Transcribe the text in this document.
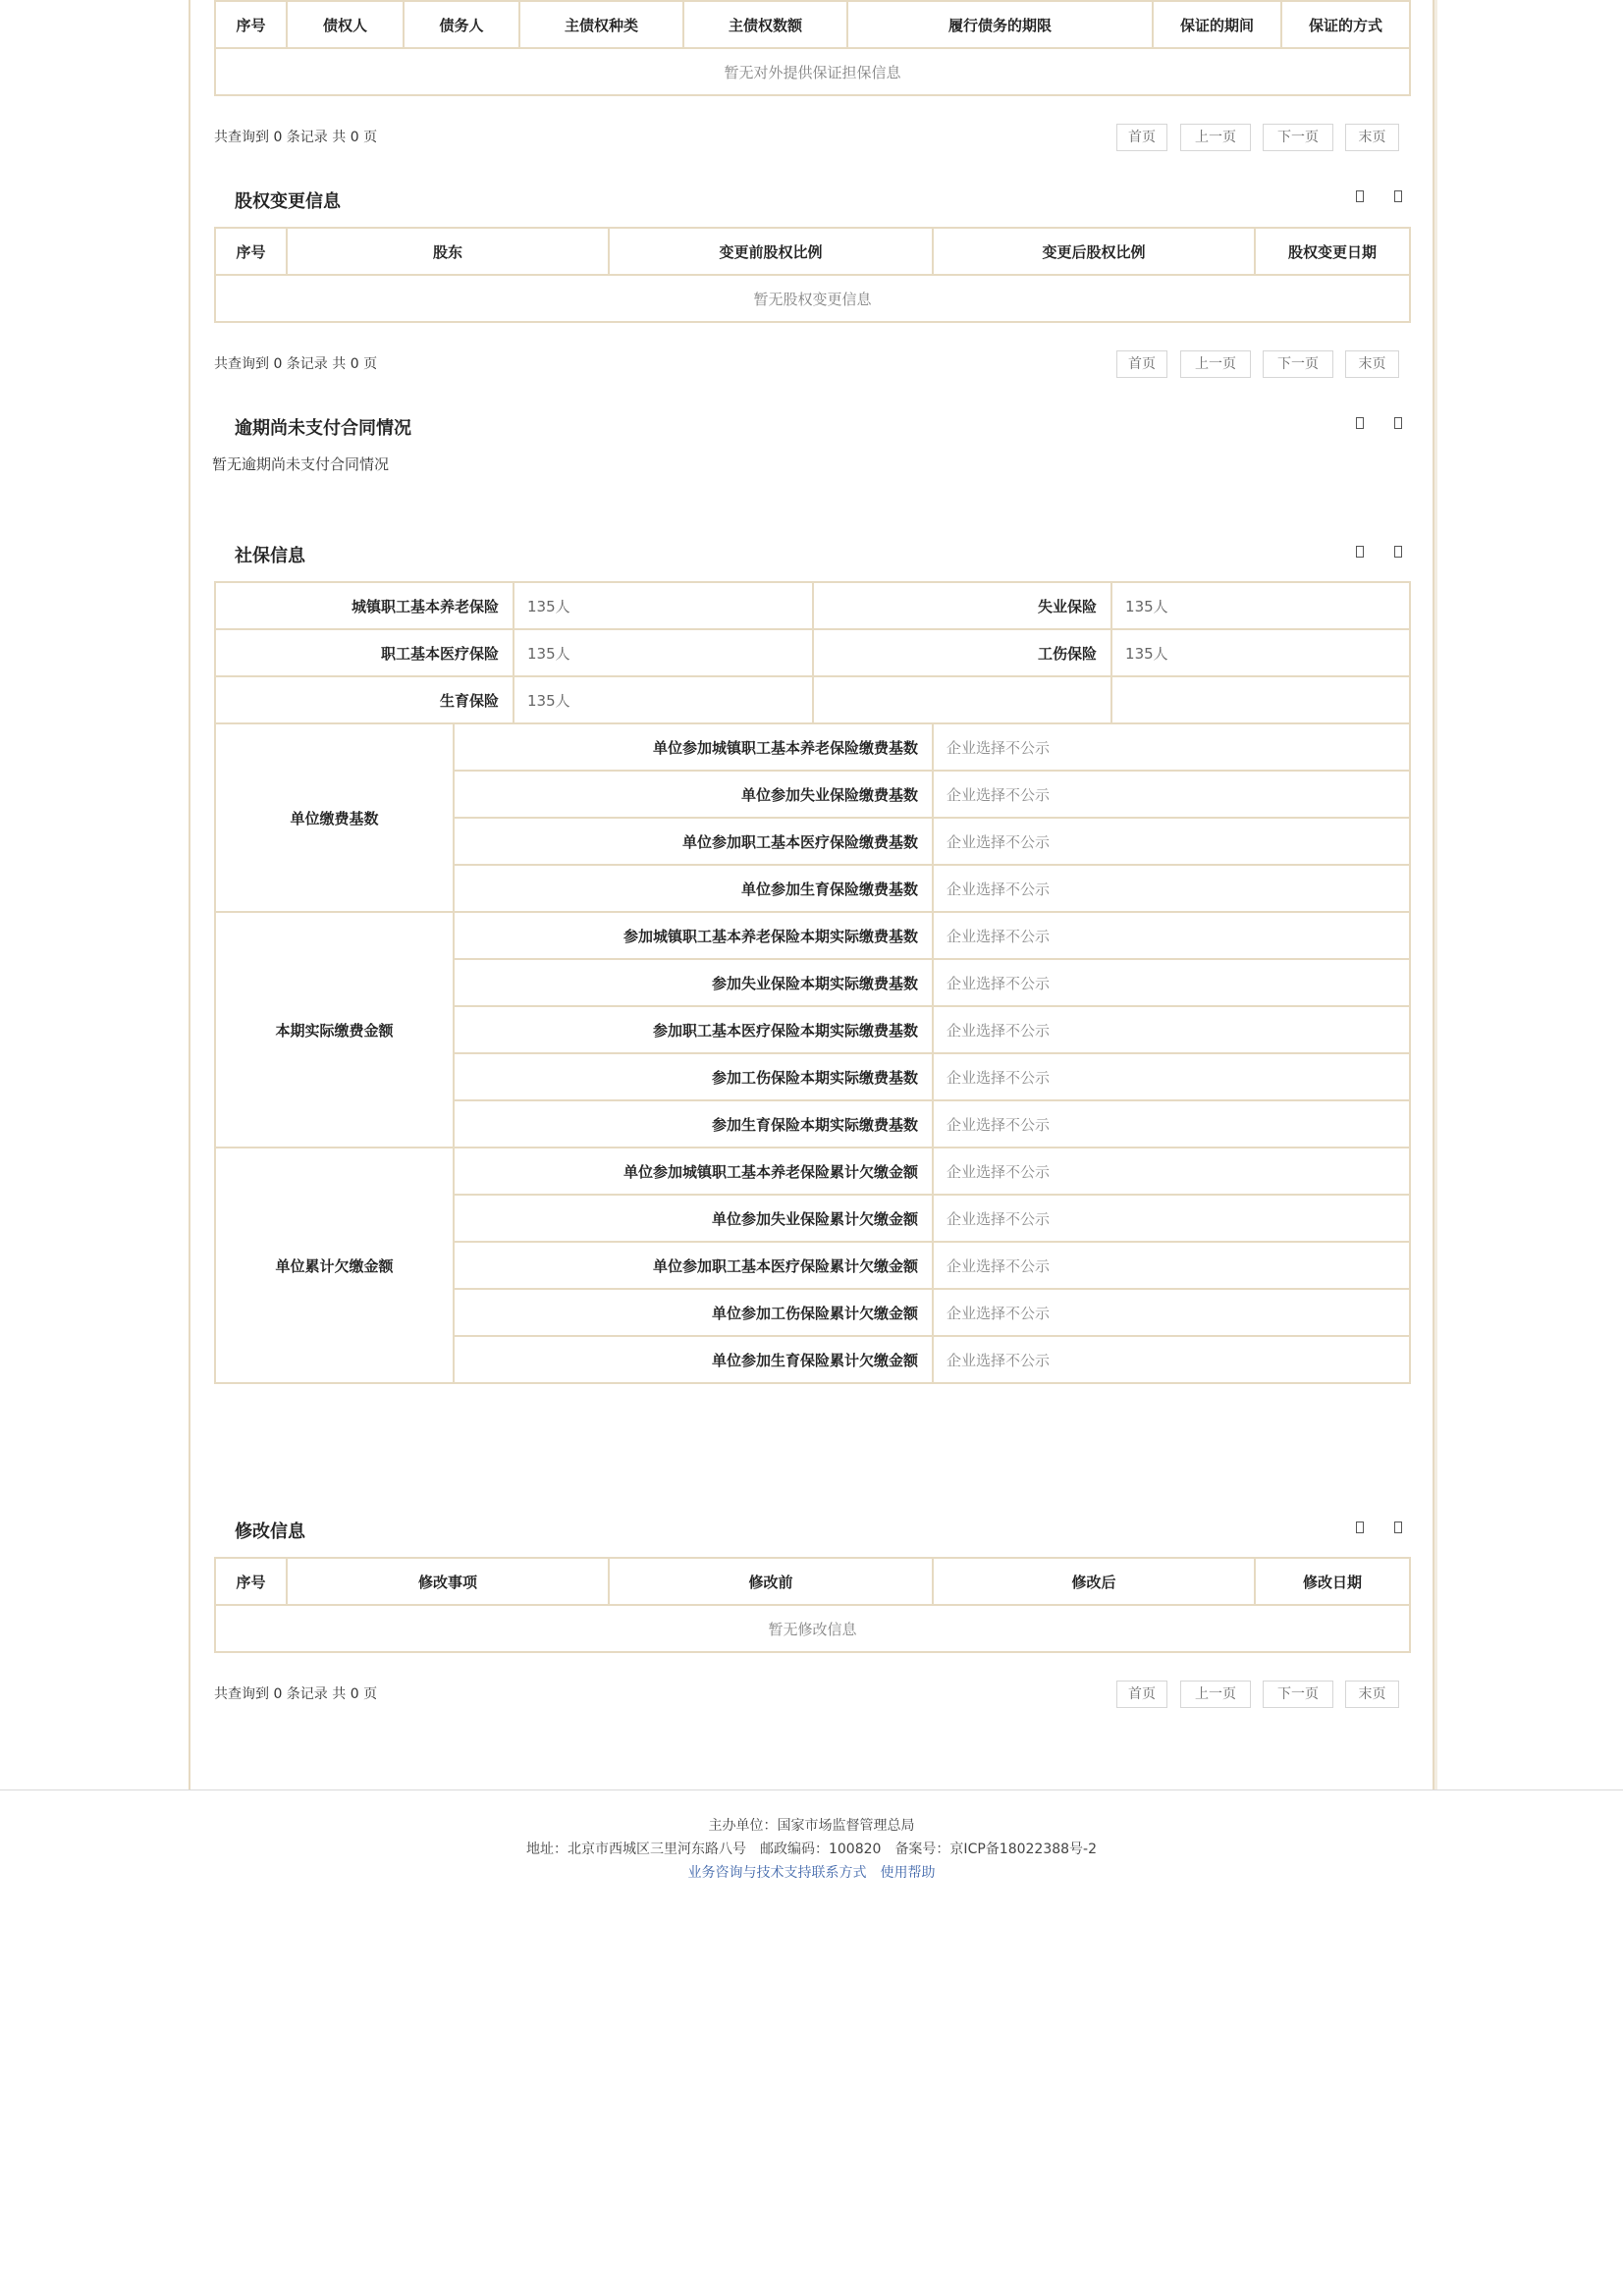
序号	债权人	债务人	主债权种类	主债权数额	履行债务的期限	保证的期间	保证的方式
暂无对外提供保证担保信息
共查询到 0 条记录 共 0 页	首页	上一页	下一页	末页
股权变更信息
序号	股东	变更前股权比例	变更后股权比例	股权变更日期
暂无股权变更信息
共查询到 0 条记录 共 0 页	首页	上一页	下一页	末页
逾期尚未支付合同情况
暂无逾期尚未支付合同情况
社保信息
城镇职工基本养老保险		135人	失业保险		135人
职工基本医疗保险		135人	工伤保险		135人
生育保险		135人			
单位缴费基数	单位参加城镇职工基本养老保险缴费基数			企业选择不公示	
	单位参加失业保险缴费基数			企业选择不公示	
	单位参加职工基本医疗保险缴费基数			企业选择不公示	
	单位参加生育保险缴费基数			企业选择不公示	
本期实际缴费金额	参加城镇职工基本养老保险本期实际缴费基数			企业选择不公示	
	参加失业保险本期实际缴费基数			企业选择不公示	
	参加职工基本医疗保险本期实际缴费基数			企业选择不公示	
	参加工伤保险本期实际缴费基数			企业选择不公示	
	参加生育保险本期实际缴费基数			企业选择不公示	
单位累计欠缴金额	单位参加城镇职工基本养老保险累计欠缴金额			企业选择不公示	
	单位参加失业保险累计欠缴金额			企业选择不公示	
	单位参加职工基本医疗保险累计欠缴金额			企业选择不公示	
	单位参加工伤保险累计欠缴金额			企业选择不公示	
	单位参加生育保险累计欠缴金额			企业选择不公示	
修改信息
序号	修改事项	修改前	修改后	修改日期
暂无修改信息
共查询到 0 条记录 共 0 页	首页	上一页	下一页	末页
主办单位：国家市场监督管理总局
地址：北京市西城区三里河东路八号 邮政编码：100820 备案号：京ICP备18022388号-2
业务咨询与技术支持联系方式 使用帮助
